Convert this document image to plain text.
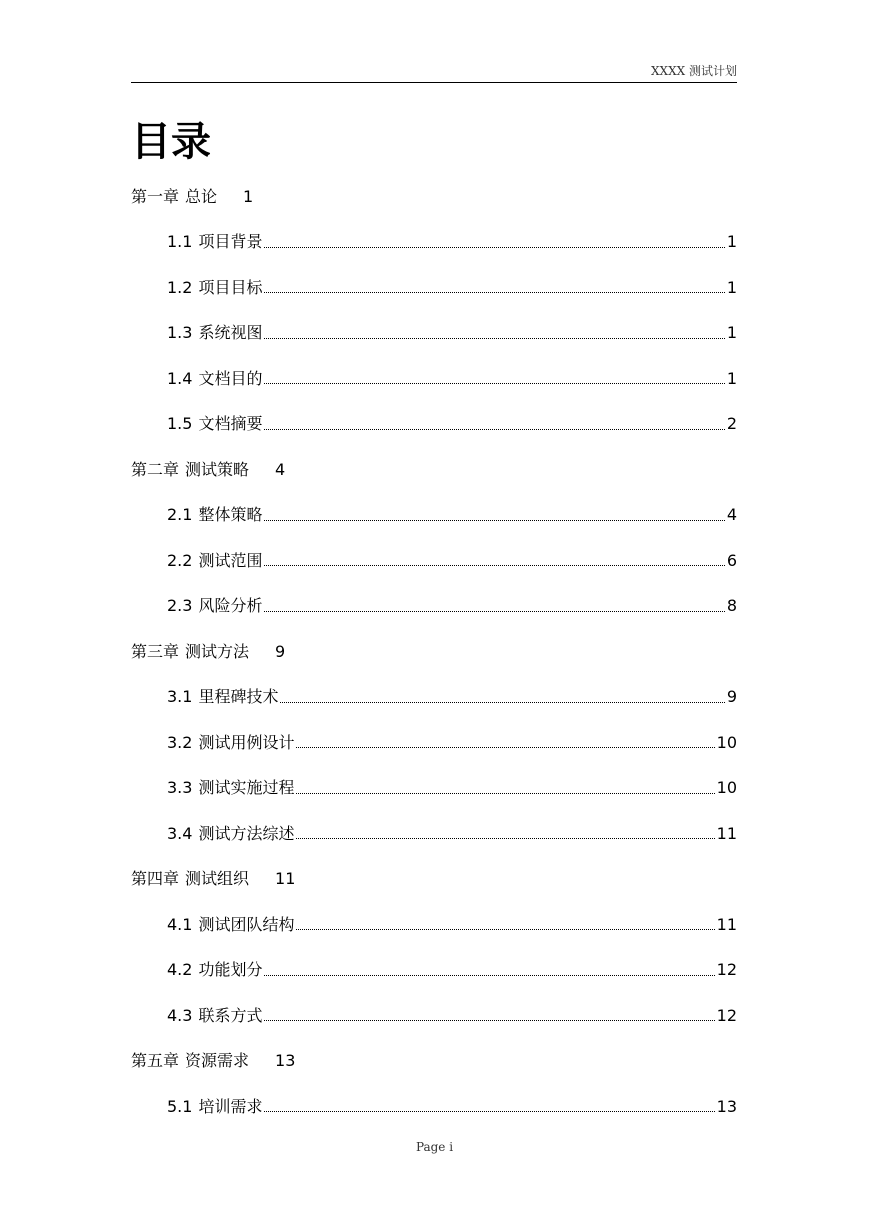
XXXX 测试计划
目录
第一章 总论 1
1.1 项目背景	1
1.2 项目目标	1
1.3 系统视图	1
1.4 文档目的	1
1.5 文档摘要	2
第二章 测试策略 4
2.1 整体策略	4
2.2 测试范围	6
2.3 风险分析	8
第三章 测试方法 9
3.1 里程碑技术	9
3.2 测试用例设计	10
3.3 测试实施过程	10
3.4 测试方法综述	11
第四章 测试组织 11
4.1 测试团队结构	11
4.2 功能划分	12
4.3 联系方式	12
第五章 资源需求 13
5.1 培训需求	13
Page i
